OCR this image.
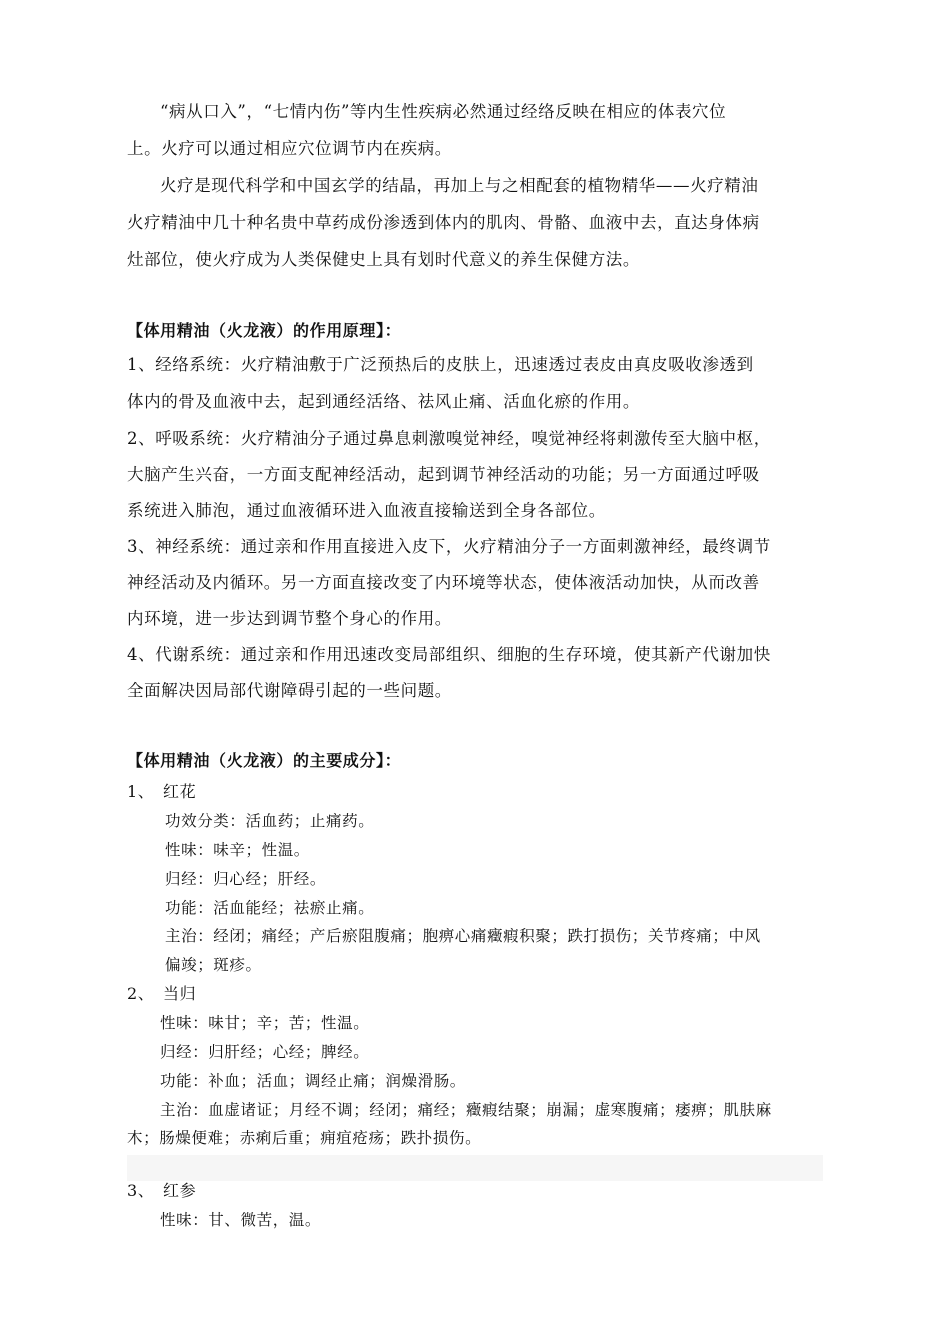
“病从口入”，“七情内伤”等内生性疾病必然通过经络反映在相应的体表穴位
上。火疗可以通过相应穴位调节内在疾病。
火疗是现代科学和中国玄学的结晶，再加上与之相配套的植物精华——火疗精油
火疗精油中几十种名贵中草药成份渗透到体内的肌肉、骨骼、血液中去，直达身体病
灶部位，使火疗成为人类保健史上具有划时代意义的养生保健方法。
【体用精油（火龙液）的作用原理】：
1、经络系统：火疗精油敷于广泛预热后的皮肤上，迅速透过表皮由真皮吸收渗透到
体内的骨及血液中去，起到通经活络、祛风止痛、活血化瘀的作用。
2、呼吸系统：火疗精油分子通过鼻息刺激嗅觉神经，嗅觉神经将刺激传至大脑中枢，
大脑产生兴奋，一方面支配神经活动，起到调节神经活动的功能；另一方面通过呼吸
系统进入肺泡，通过血液循环进入血液直接输送到全身各部位。
3、神经系统：通过亲和作用直接进入皮下，火疗精油分子一方面刺激神经，最终调节
神经活动及内循环。另一方面直接改变了内环境等状态，使体液活动加快，从而改善
内环境，进一步达到调节整个身心的作用。
4、代谢系统：通过亲和作用迅速改变局部组织、细胞的生存环境，使其新产代谢加快
全面解决因局部代谢障碍引起的一些问题。
【体用精油（火龙液）的主要成分】：
1、 红花
功效分类：活血药；止痛药。
性味：味辛；性温。
归经：归心经；肝经。
功能：活血能经；祛瘀止痛。
主治：经闭；痛经；产后瘀阻腹痛；胞痹心痛癥瘕积聚；跌打损伤；关节疼痛；中风
偏竣；斑疹。
2、 当归
性味：味甘；辛；苦；性温。
归经：归肝经；心经；脾经。
功能：补血；活血；调经止痛；润燥滑肠。
主治：血虚诸证；月经不调；经闭；痛经；癥瘕结聚；崩漏；虚寒腹痛；痿痹；肌肤麻
木；肠燥便难；赤痢后重；痈疽疮疡；跌扑损伤。
3、 红参
性味：甘、微苦，温。
